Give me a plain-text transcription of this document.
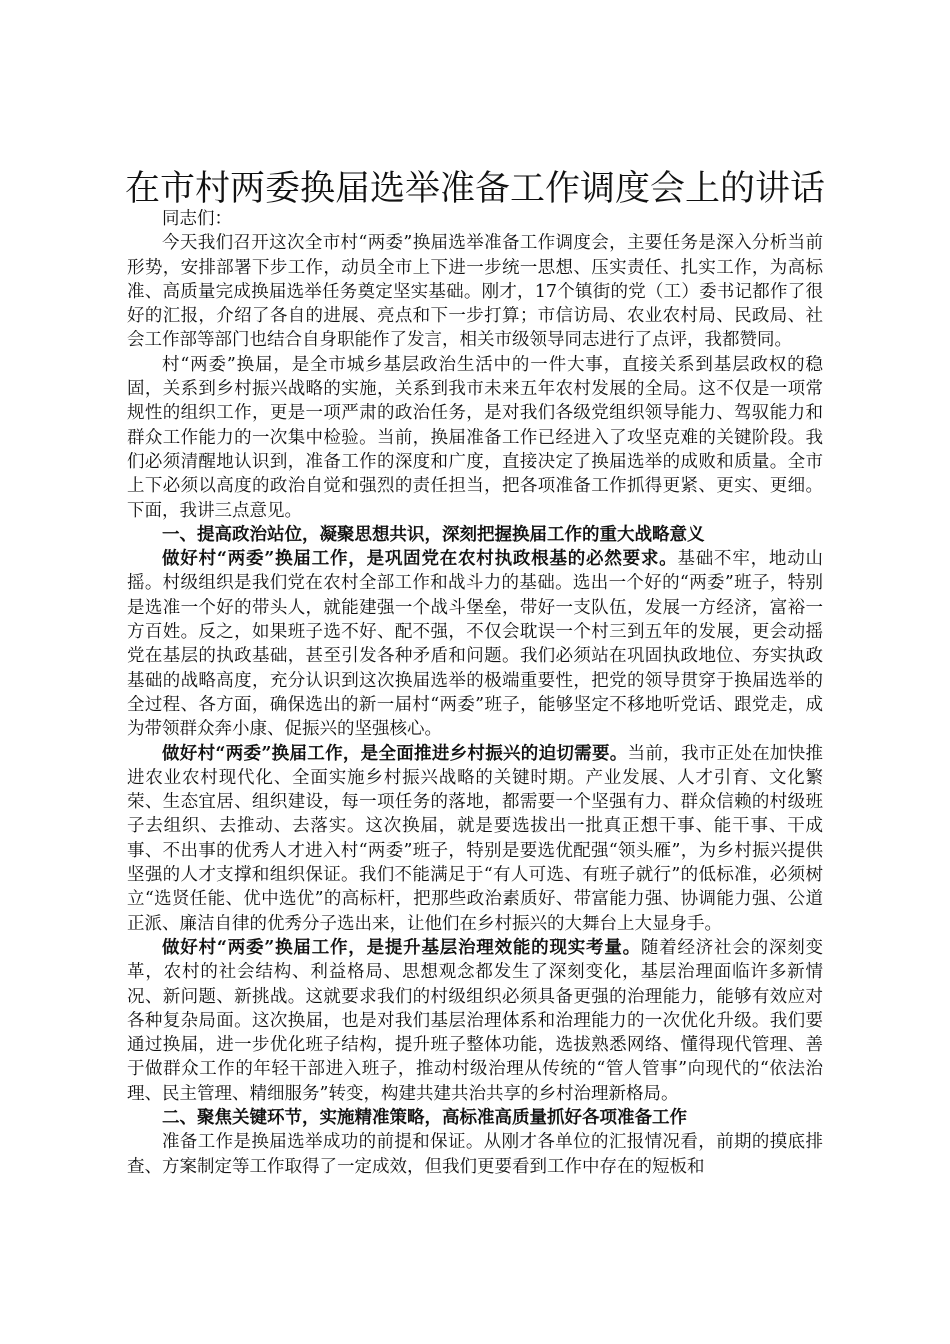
在市村两委换届选举准备工作调度会上的讲话

同志们：

今天我们召开这次全市村“两委”换届选举准备工作调度会，主要任务是深入分析当前形势，安排部署下步工作，动员全市上下进一步统一思想、压实责任、扎实工作，为高标准、高质量完成换届选举任务奠定坚实基础。刚才，17个镇街的党（工）委书记都作了很好的汇报，介绍了各自的进展、亮点和下一步打算；市信访局、农业农村局、民政局、社会工作部等部门也结合自身职能作了发言，相关市级领导同志进行了点评，我都赞同。

村“两委”换届，是全市城乡基层政治生活中的一件大事，直接关系到基层政权的稳固，关系到乡村振兴战略的实施，关系到我市未来五年农村发展的全局。这不仅是一项常规性的组织工作，更是一项严肃的政治任务，是对我们各级党组织领导能力、驾驭能力和群众工作能力的一次集中检验。当前，换届准备工作已经进入了攻坚克难的关键阶段。我们必须清醒地认识到，准备工作的深度和广度，直接决定了换届选举的成败和质量。全市上下必须以高度的政治自觉和强烈的责任担当，把各项准备工作抓得更紧、更实、更细。下面，我讲三点意见。

一、提高政治站位，凝聚思想共识，深刻把握换届工作的重大战略意义

做好村“两委”换届工作，是巩固党在农村执政根基的必然要求。基础不牢，地动山摇。村级组织是我们党在农村全部工作和战斗力的基础。选出一个好的“两委”班子，特别是选准一个好的带头人，就能建强一个战斗堡垒，带好一支队伍，发展一方经济，富裕一方百姓。反之，如果班子选不好、配不强，不仅会耽误一个村三到五年的发展，更会动摇党在基层的执政基础，甚至引发各种矛盾和问题。我们必须站在巩固执政地位、夯实执政基础的战略高度，充分认识到这次换届选举的极端重要性，把党的领导贯穿于换届选举的全过程、各方面，确保选出的新一届村“两委”班子，能够坚定不移地听党话、跟党走，成为带领群众奔小康、促振兴的坚强核心。

做好村“两委”换届工作，是全面推进乡村振兴的迫切需要。当前，我市正处在加快推进农业农村现代化、全面实施乡村振兴战略的关键时期。产业发展、人才引育、文化繁荣、生态宜居、组织建设，每一项任务的落地，都需要一个坚强有力、群众信赖的村级班子去组织、去推动、去落实。这次换届，就是要选拔出一批真正想干事、能干事、干成事、不出事的优秀人才进入村“两委”班子，特别是要选优配强“领头雁”，为乡村振兴提供坚强的人才支撑和组织保证。我们不能满足于“有人可选、有班子就行”的低标准，必须树立“选贤任能、优中选优”的高标杆，把那些政治素质好、带富能力强、协调能力强、公道正派、廉洁自律的优秀分子选出来，让他们在乡村振兴的大舞台上大显身手。

做好村“两委”换届工作，是提升基层治理效能的现实考量。随着经济社会的深刻变革，农村的社会结构、利益格局、思想观念都发生了深刻变化，基层治理面临许多新情况、新问题、新挑战。这就要求我们的村级组织必须具备更强的治理能力，能够有效应对各种复杂局面。这次换届，也是对我们基层治理体系和治理能力的一次优化升级。我们要通过换届，进一步优化班子结构，提升班子整体功能，选拔熟悉网络、懂得现代管理、善于做群众工作的年轻干部进入班子，推动村级治理从传统的“管人管事”向现代的“依法治理、民主管理、精细服务”转变，构建共建共治共享的乡村治理新格局。

二、聚焦关键环节，实施精准策略，高标准高质量抓好各项准备工作

准备工作是换届选举成功的前提和保证。从刚才各单位的汇报情况看，前期的摸底排查、方案制定等工作取得了一定成效，但我们更要看到工作中存在的短板和
